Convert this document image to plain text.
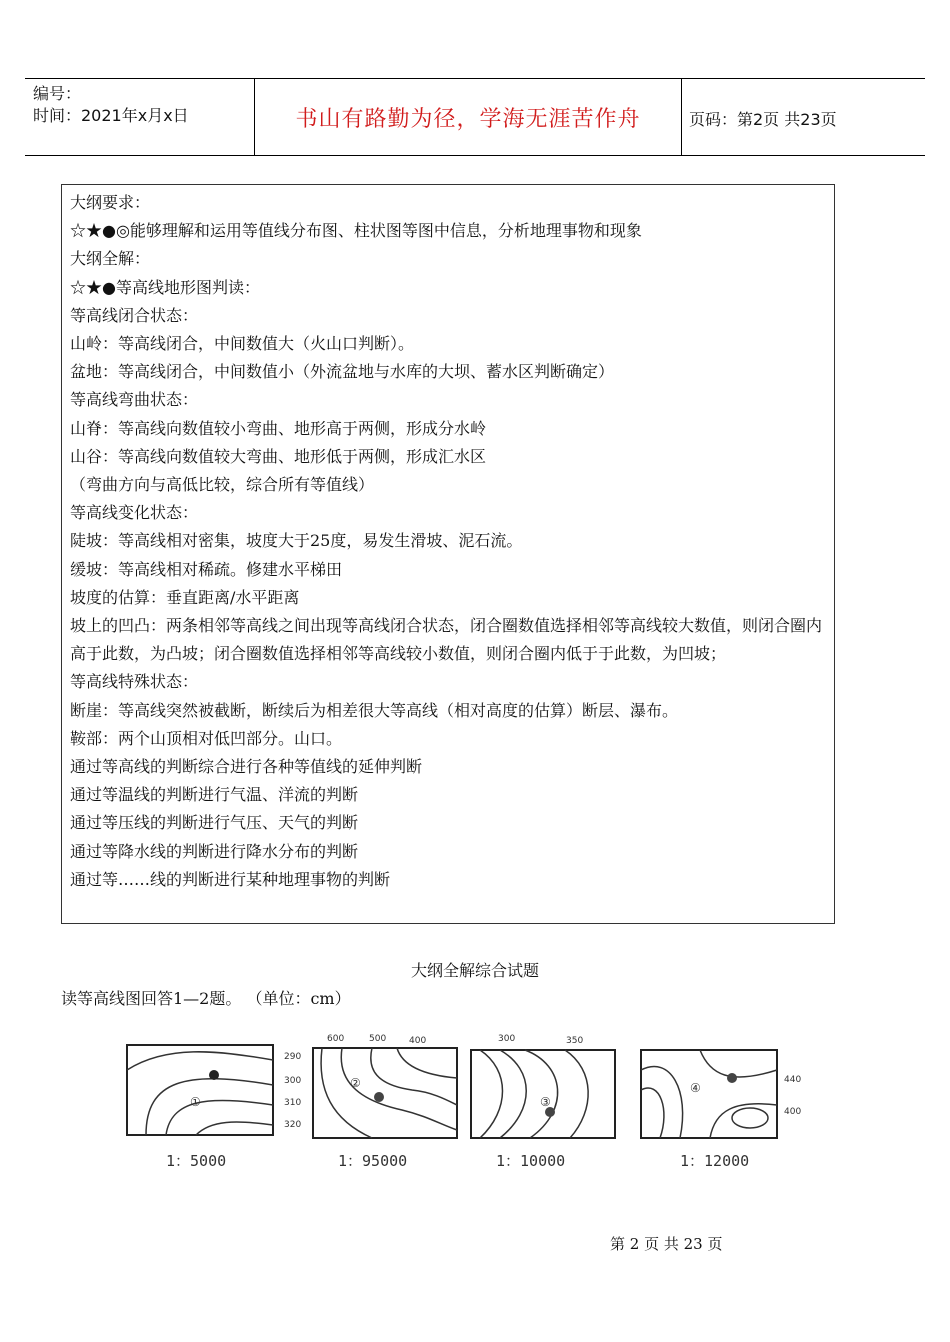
编号：
时间：2021年x月x日	书山有路勤为径，学海无涯苦作舟	页码：第2页 共23页
大纲要求：
☆★●◎能够理解和运用等值线分布图、柱状图等图中信息，分析地理事物和现象
大纲全解：
☆★●等高线地形图判读：
等高线闭合状态：
山岭：等高线闭合，中间数值大（火山口判断）。
盆地：等高线闭合，中间数值小（外流盆地与水库的大坝、蓄水区判断确定）
等高线弯曲状态：
山脊：等高线向数值较小弯曲、地形高于两侧，形成分水岭
山谷：等高线向数值较大弯曲、地形低于两侧，形成汇水区
（弯曲方向与高低比较，综合所有等值线）
等高线变化状态：
陡坡：等高线相对密集，坡度大于25度，易发生滑坡、泥石流。
缓坡：等高线相对稀疏。修建水平梯田
坡度的估算：垂直距离/水平距离
坡上的凹凸：两条相邻等高线之间出现等高线闭合状态，闭合圈数值选择相邻等高线较大数值，则闭合圈内高于此数，为凸坡；闭合圈数值选择相邻等高线较小数值，则闭合圈内低于于此数，为凹坡；
等高线特殊状态：
断崖：等高线突然被截断，断续后为相差很大等高线（相对高度的估算）断层、瀑布。
鞍部：两个山顶相对低凹部分。山口。
通过等高线的判断综合进行各种等值线的延伸判断
通过等温线的判断进行气温、洋流的判断
通过等压线的判断进行气压、天气的判断
通过等降水线的判断进行降水分布的判断
通过等……线的判断进行某种地理事物的判断
大纲全解综合试题
读等高线图回答1—2题。 （单位：cm）
①
290
300
310
320
1：5000
②
600	500	400
1：95000
③
300	350
1：10000
④
440
400
1：12000
第 2 页 共 23 页
